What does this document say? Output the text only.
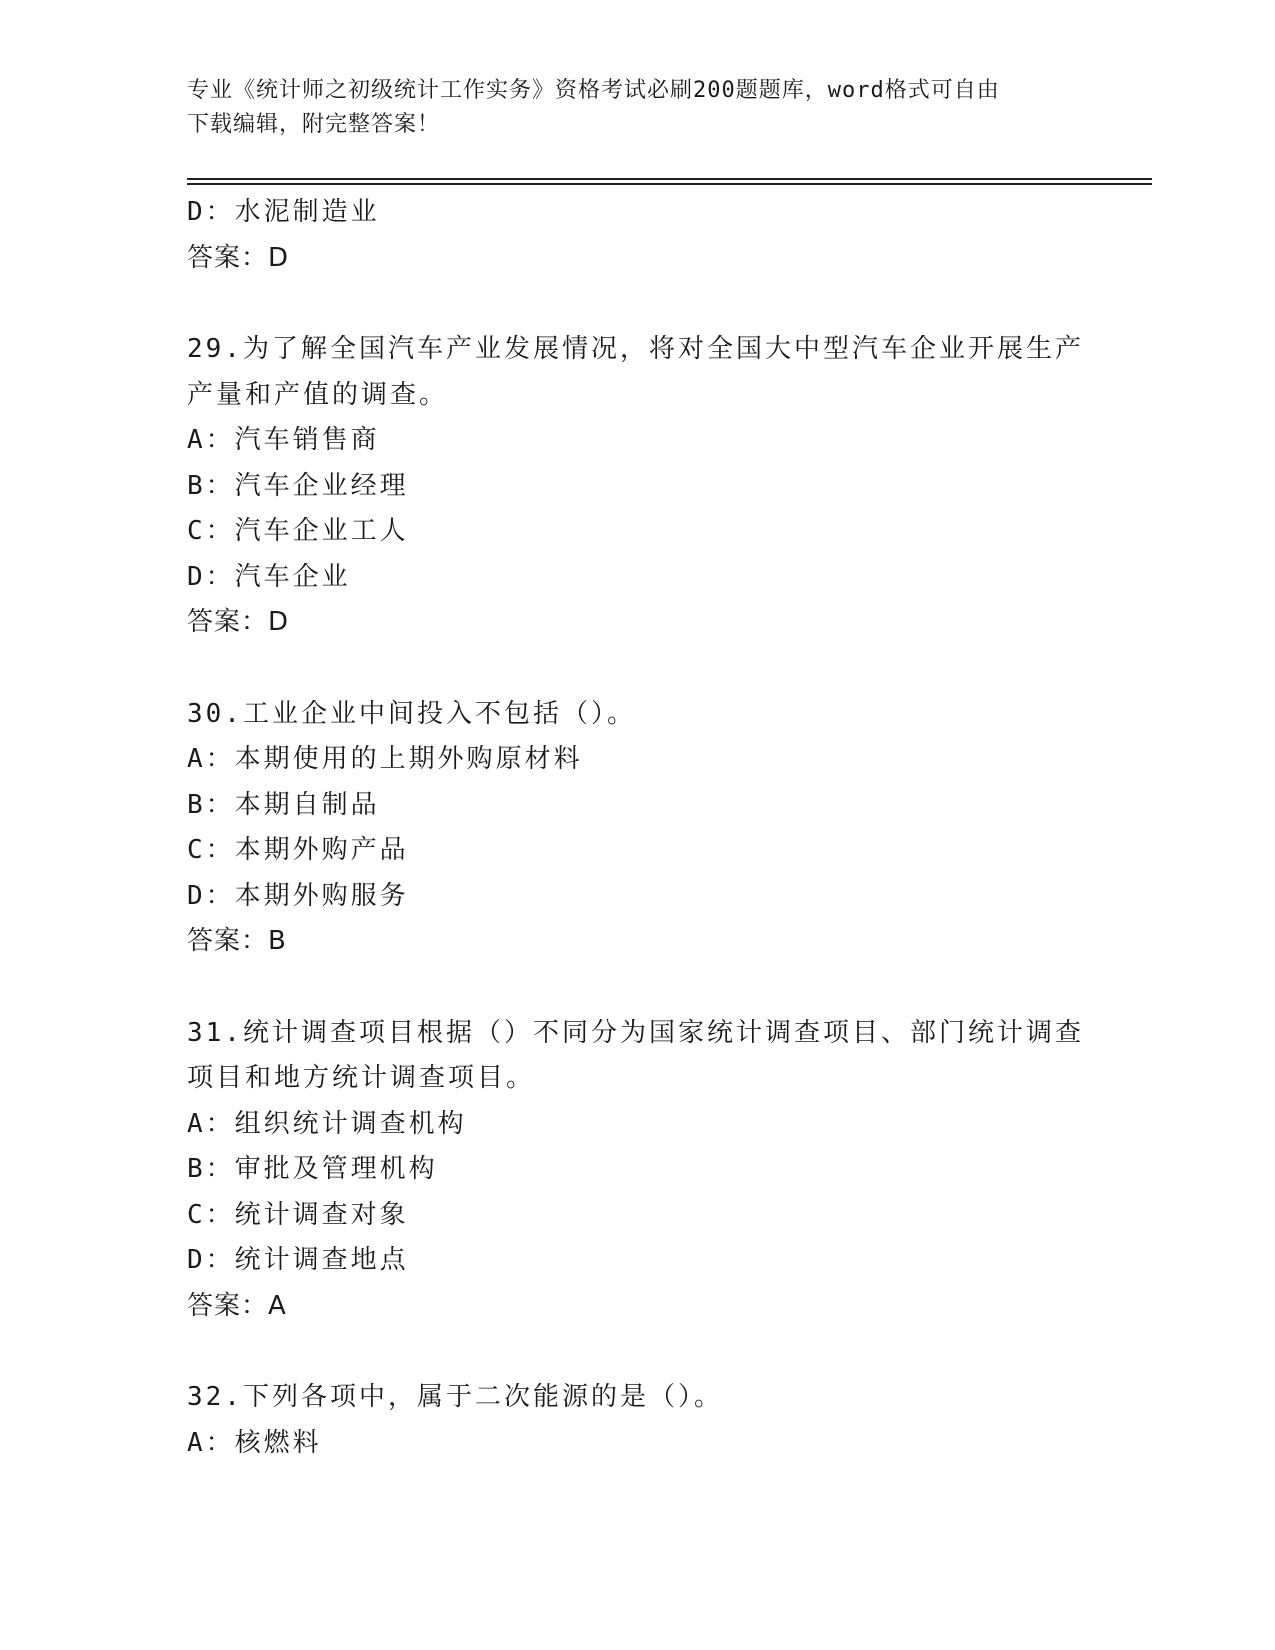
专业《统计师之初级统计工作实务》资格考试必刷200题题库，word格式可自由
下载编辑，附完整答案！
D：水泥制造业
答案：D
29.为了解全国汽车产业发展情况，将对全国大中型汽车企业开展生产
产量和产值的调查。
A：汽车销售商
B：汽车企业经理
C：汽车企业工人
D：汽车企业
答案：D
30.工业企业中间投入不包括（）。
A：本期使用的上期外购原材料
B：本期自制品
C：本期外购产品
D：本期外购服务
答案：B
31.统计调查项目根据（）不同分为国家统计调查项目、部门统计调查
项目和地方统计调查项目。
A：组织统计调查机构
B：审批及管理机构
C：统计调查对象
D：统计调查地点
答案：A
32.下列各项中，属于二次能源的是（）。
A：核燃料
